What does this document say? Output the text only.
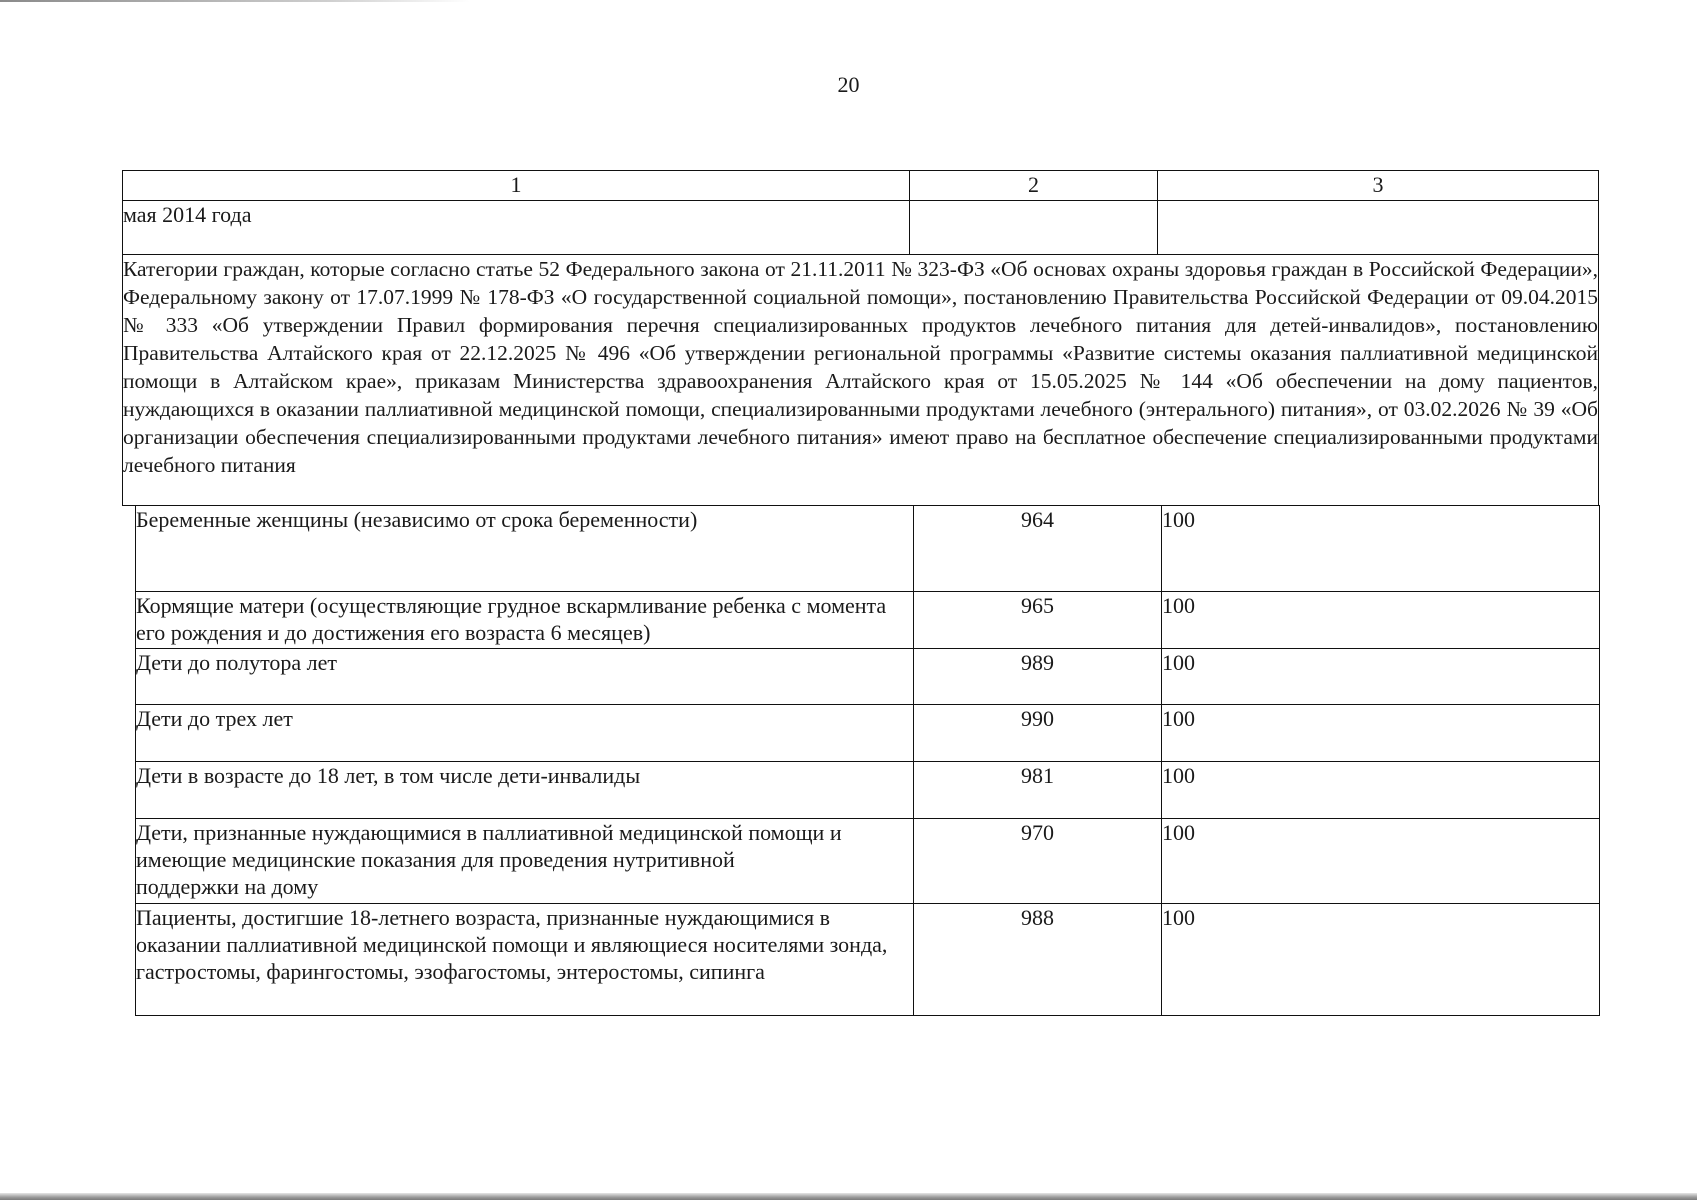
20
1	2	3
мая 2014 года		
Категории граждан, которые согласно статье 52 Федерального закона от 21.11.2011 № 323-ФЗ «Об основах охраны здоровья граждан в Российской Федерации», Федеральному закону от 17.07.1999 № 178-ФЗ «О государственной социальной помощи», постановлению Правительства Российской Федерации от 09.04.2015 № 333 «Об утверждении Правил формирования перечня специализированных продуктов лечебного питания для детей-инвалидов», постановлению Правительства Алтайского края от 22.12.2025 № 496 «Об утверждении региональной программы «Развитие системы оказания паллиативной медицинской помощи в Алтайском крае», приказам Министерства здравоохранения Алтайского края от 15.05.2025 № 144 «Об обеспечении на дому пациентов, нуждающихся в оказании паллиативной медицинской помощи, специализированными продуктами лечебного (энтерального) питания», от 03.02.2026 № 39 «Об организации обеспечения специализированными продуктами лечебного питания» имеют право на бесплатное обеспечение специализированными продуктами лечебного питания		
Беременные женщины (независимо от срока беременности)	964	100
Кормящие матери (осуществляющие грудное вскармливание ребенка с момента его рождения и до достижения его возраста 6 месяцев)	965	100
Дети до полутора лет	989	100
Дети до трех лет	990	100
Дети в возрасте до 18 лет, в том числе дети-инвалиды	981	100
Дети, признанные нуждающимися в паллиативной медицинской помощи и имеющие медицинские показания для проведения нутритивной поддержки на дому	970	100
Пациенты, достигшие 18-летнего возраста, признанные нуждающимися в оказании паллиативной медицинской помощи и являющиеся носителями зонда, гастростомы, фарингостомы, эзофагостомы, энтеростомы, сипинга	988	100
